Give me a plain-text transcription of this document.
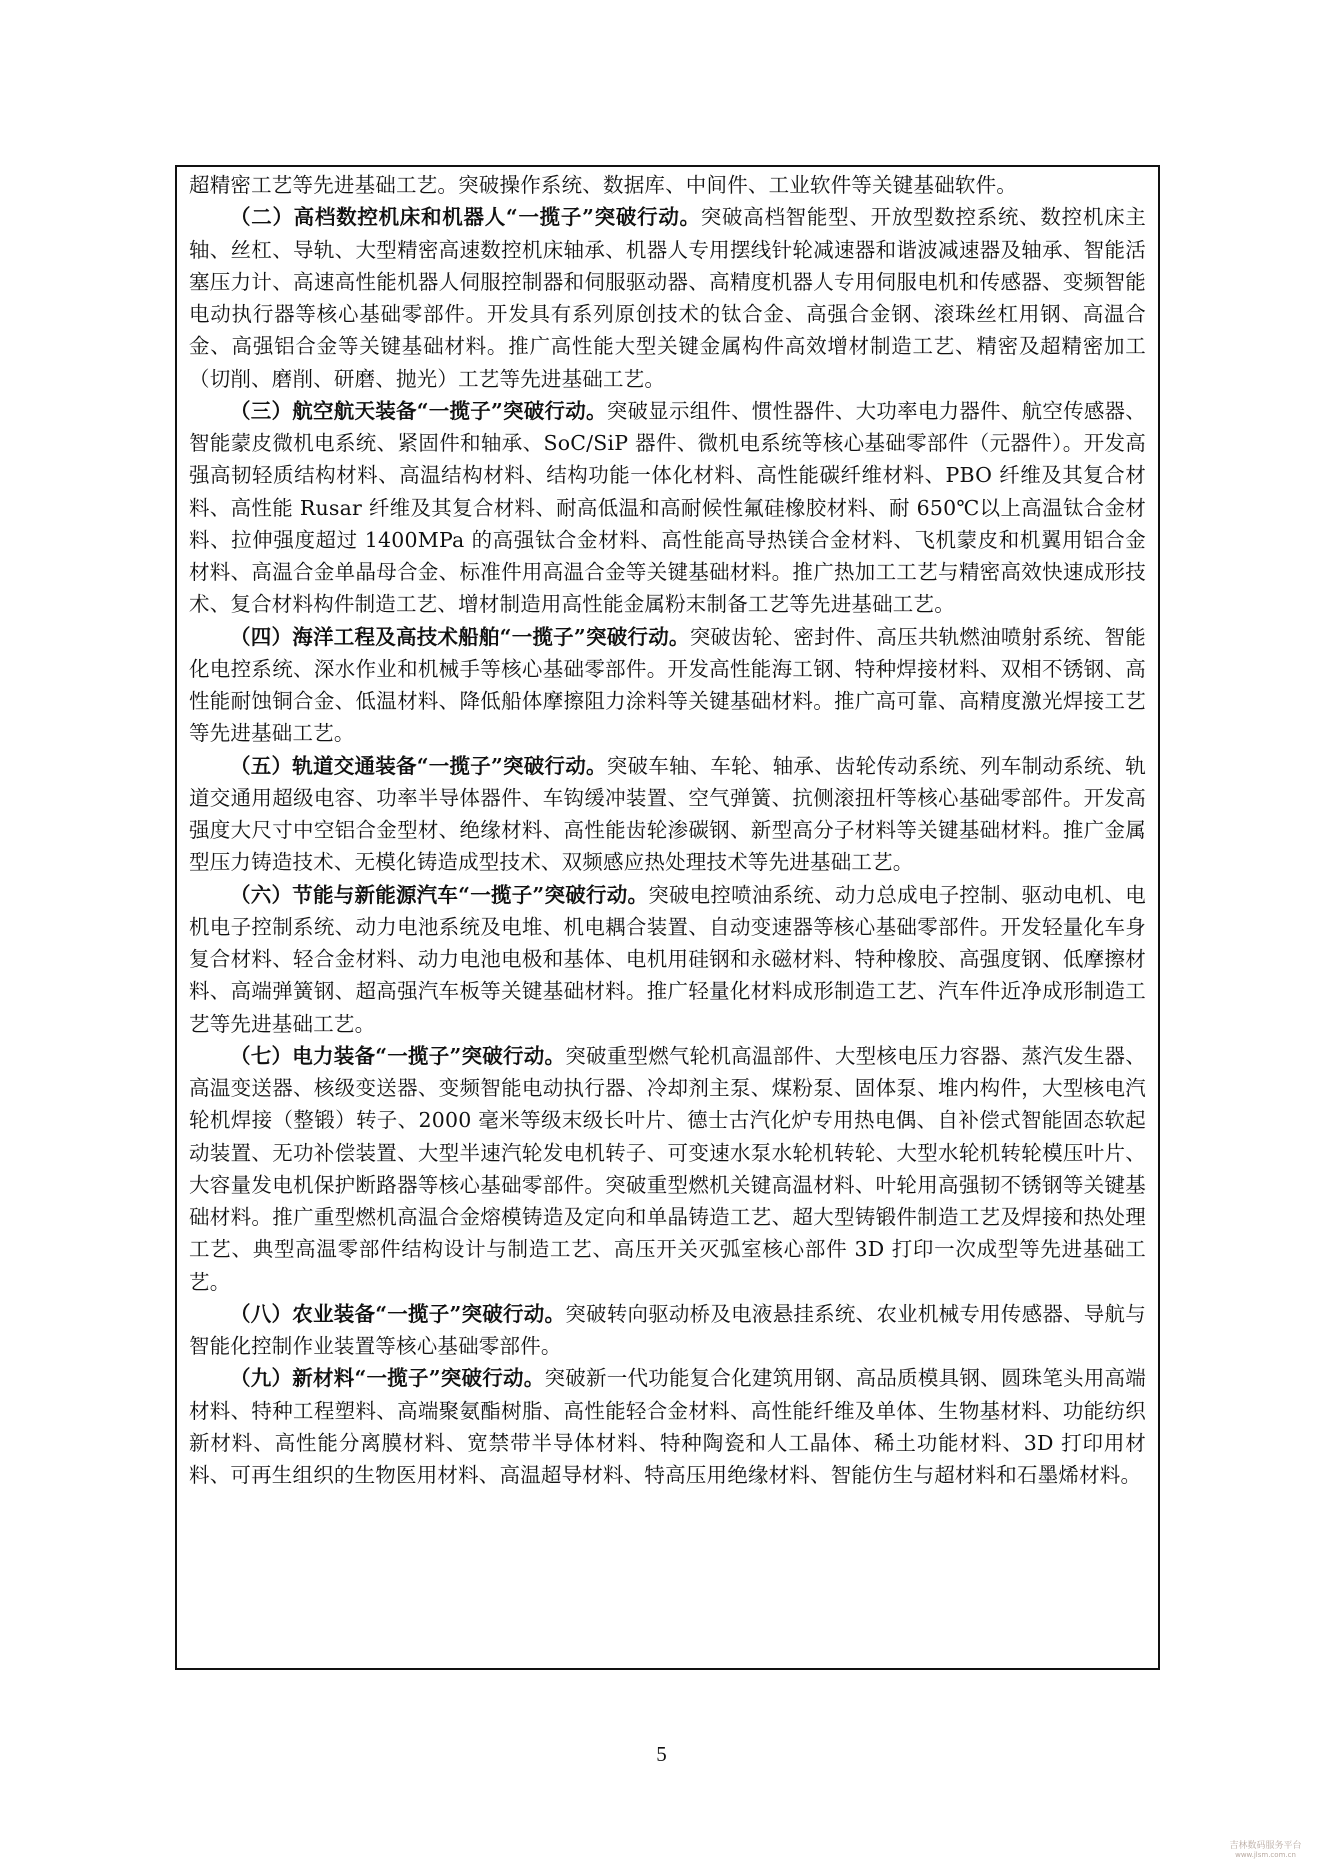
超精密工艺等先进基础工艺。突破操作系统、数据库、中间件、工业软件等关键基础软件。

（二）高档数控机床和机器人“一揽子”突破行动。突破高档智能型、开放型数控系统、数控机床主轴、丝杠、导轨、大型精密高速数控机床轴承、机器人专用摆线针轮减速器和谐波减速器及轴承、智能活塞压力计、高速高性能机器人伺服控制器和伺服驱动器、高精度机器人专用伺服电机和传感器、变频智能电动执行器等核心基础零部件。开发具有系列原创技术的钛合金、高强合金钢、滚珠丝杠用钢、高温合金、高强铝合金等关键基础材料。推广高性能大型关键金属构件高效增材制造工艺、精密及超精密加工（切削、磨削、研磨、抛光）工艺等先进基础工艺。

（三）航空航天装备“一揽子”突破行动。突破显示组件、惯性器件、大功率电力器件、航空传感器、智能蒙皮微机电系统、紧固件和轴承、SoC/SiP 器件、微机电系统等核心基础零部件（元器件）。开发高强高韧轻质结构材料、高温结构材料、结构功能一体化材料、高性能碳纤维材料、PBO 纤维及其复合材料、高性能 Rusar 纤维及其复合材料、耐高低温和高耐候性氟硅橡胶材料、耐 650℃以上高温钛合金材料、拉伸强度超过 1400MPa 的高强钛合金材料、高性能高导热镁合金材料、飞机蒙皮和机翼用铝合金材料、高温合金单晶母合金、标准件用高温合金等关键基础材料。推广热加工工艺与精密高效快速成形技术、复合材料构件制造工艺、增材制造用高性能金属粉末制备工艺等先进基础工艺。

（四）海洋工程及高技术船舶“一揽子”突破行动。突破齿轮、密封件、高压共轨燃油喷射系统、智能化电控系统、深水作业和机械手等核心基础零部件。开发高性能海工钢、特种焊接材料、双相不锈钢、高性能耐蚀铜合金、低温材料、降低船体摩擦阻力涂料等关键基础材料。推广高可靠、高精度激光焊接工艺等先进基础工艺。

（五）轨道交通装备“一揽子”突破行动。突破车轴、车轮、轴承、齿轮传动系统、列车制动系统、轨道交通用超级电容、功率半导体器件、车钩缓冲装置、空气弹簧、抗侧滚扭杆等核心基础零部件。开发高强度大尺寸中空铝合金型材、绝缘材料、高性能齿轮渗碳钢、新型高分子材料等关键基础材料。推广金属型压力铸造技术、无模化铸造成型技术、双频感应热处理技术等先进基础工艺。

（六）节能与新能源汽车“一揽子”突破行动。突破电控喷油系统、动力总成电子控制、驱动电机、电机电子控制系统、动力电池系统及电堆、机电耦合装置、自动变速器等核心基础零部件。开发轻量化车身复合材料、轻合金材料、动力电池电极和基体、电机用硅钢和永磁材料、特种橡胶、高强度钢、低摩擦材料、高端弹簧钢、超高强汽车板等关键基础材料。推广轻量化材料成形制造工艺、汽车件近净成形制造工艺等先进基础工艺。

（七）电力装备“一揽子”突破行动。突破重型燃气轮机高温部件、大型核电压力容器、蒸汽发生器、高温变送器、核级变送器、变频智能电动执行器、冷却剂主泵、煤粉泵、固体泵、堆内构件，大型核电汽轮机焊接（整锻）转子、2000 毫米等级末级长叶片、德士古汽化炉专用热电偶、自补偿式智能固态软起动装置、无功补偿装置、大型半速汽轮发电机转子、可变速水泵水轮机转轮、大型水轮机转轮模压叶片、大容量发电机保护断路器等核心基础零部件。突破重型燃机关键高温材料、叶轮用高强韧不锈钢等关键基础材料。推广重型燃机高温合金熔模铸造及定向和单晶铸造工艺、超大型铸锻件制造工艺及焊接和热处理工艺、典型高温零部件结构设计与制造工艺、高压开关灭弧室核心部件 3D 打印一次成型等先进基础工艺。

（八）农业装备“一揽子”突破行动。突破转向驱动桥及电液悬挂系统、农业机械专用传感器、导航与智能化控制作业装置等核心基础零部件。

（九）新材料“一揽子”突破行动。突破新一代功能复合化建筑用钢、高品质模具钢、圆珠笔头用高端材料、特种工程塑料、高端聚氨酯树脂、高性能轻合金材料、高性能纤维及单体、生物基材料、功能纺织新材料、高性能分离膜材料、宽禁带半导体材料、特种陶瓷和人工晶体、稀土功能材料、3D 打印用材料、可再生组织的生物医用材料、高温超导材料、特高压用绝缘材料、智能仿生与超材料和石墨烯材料。

5
吉林数码服务平台
www.jlsm.com.cn
